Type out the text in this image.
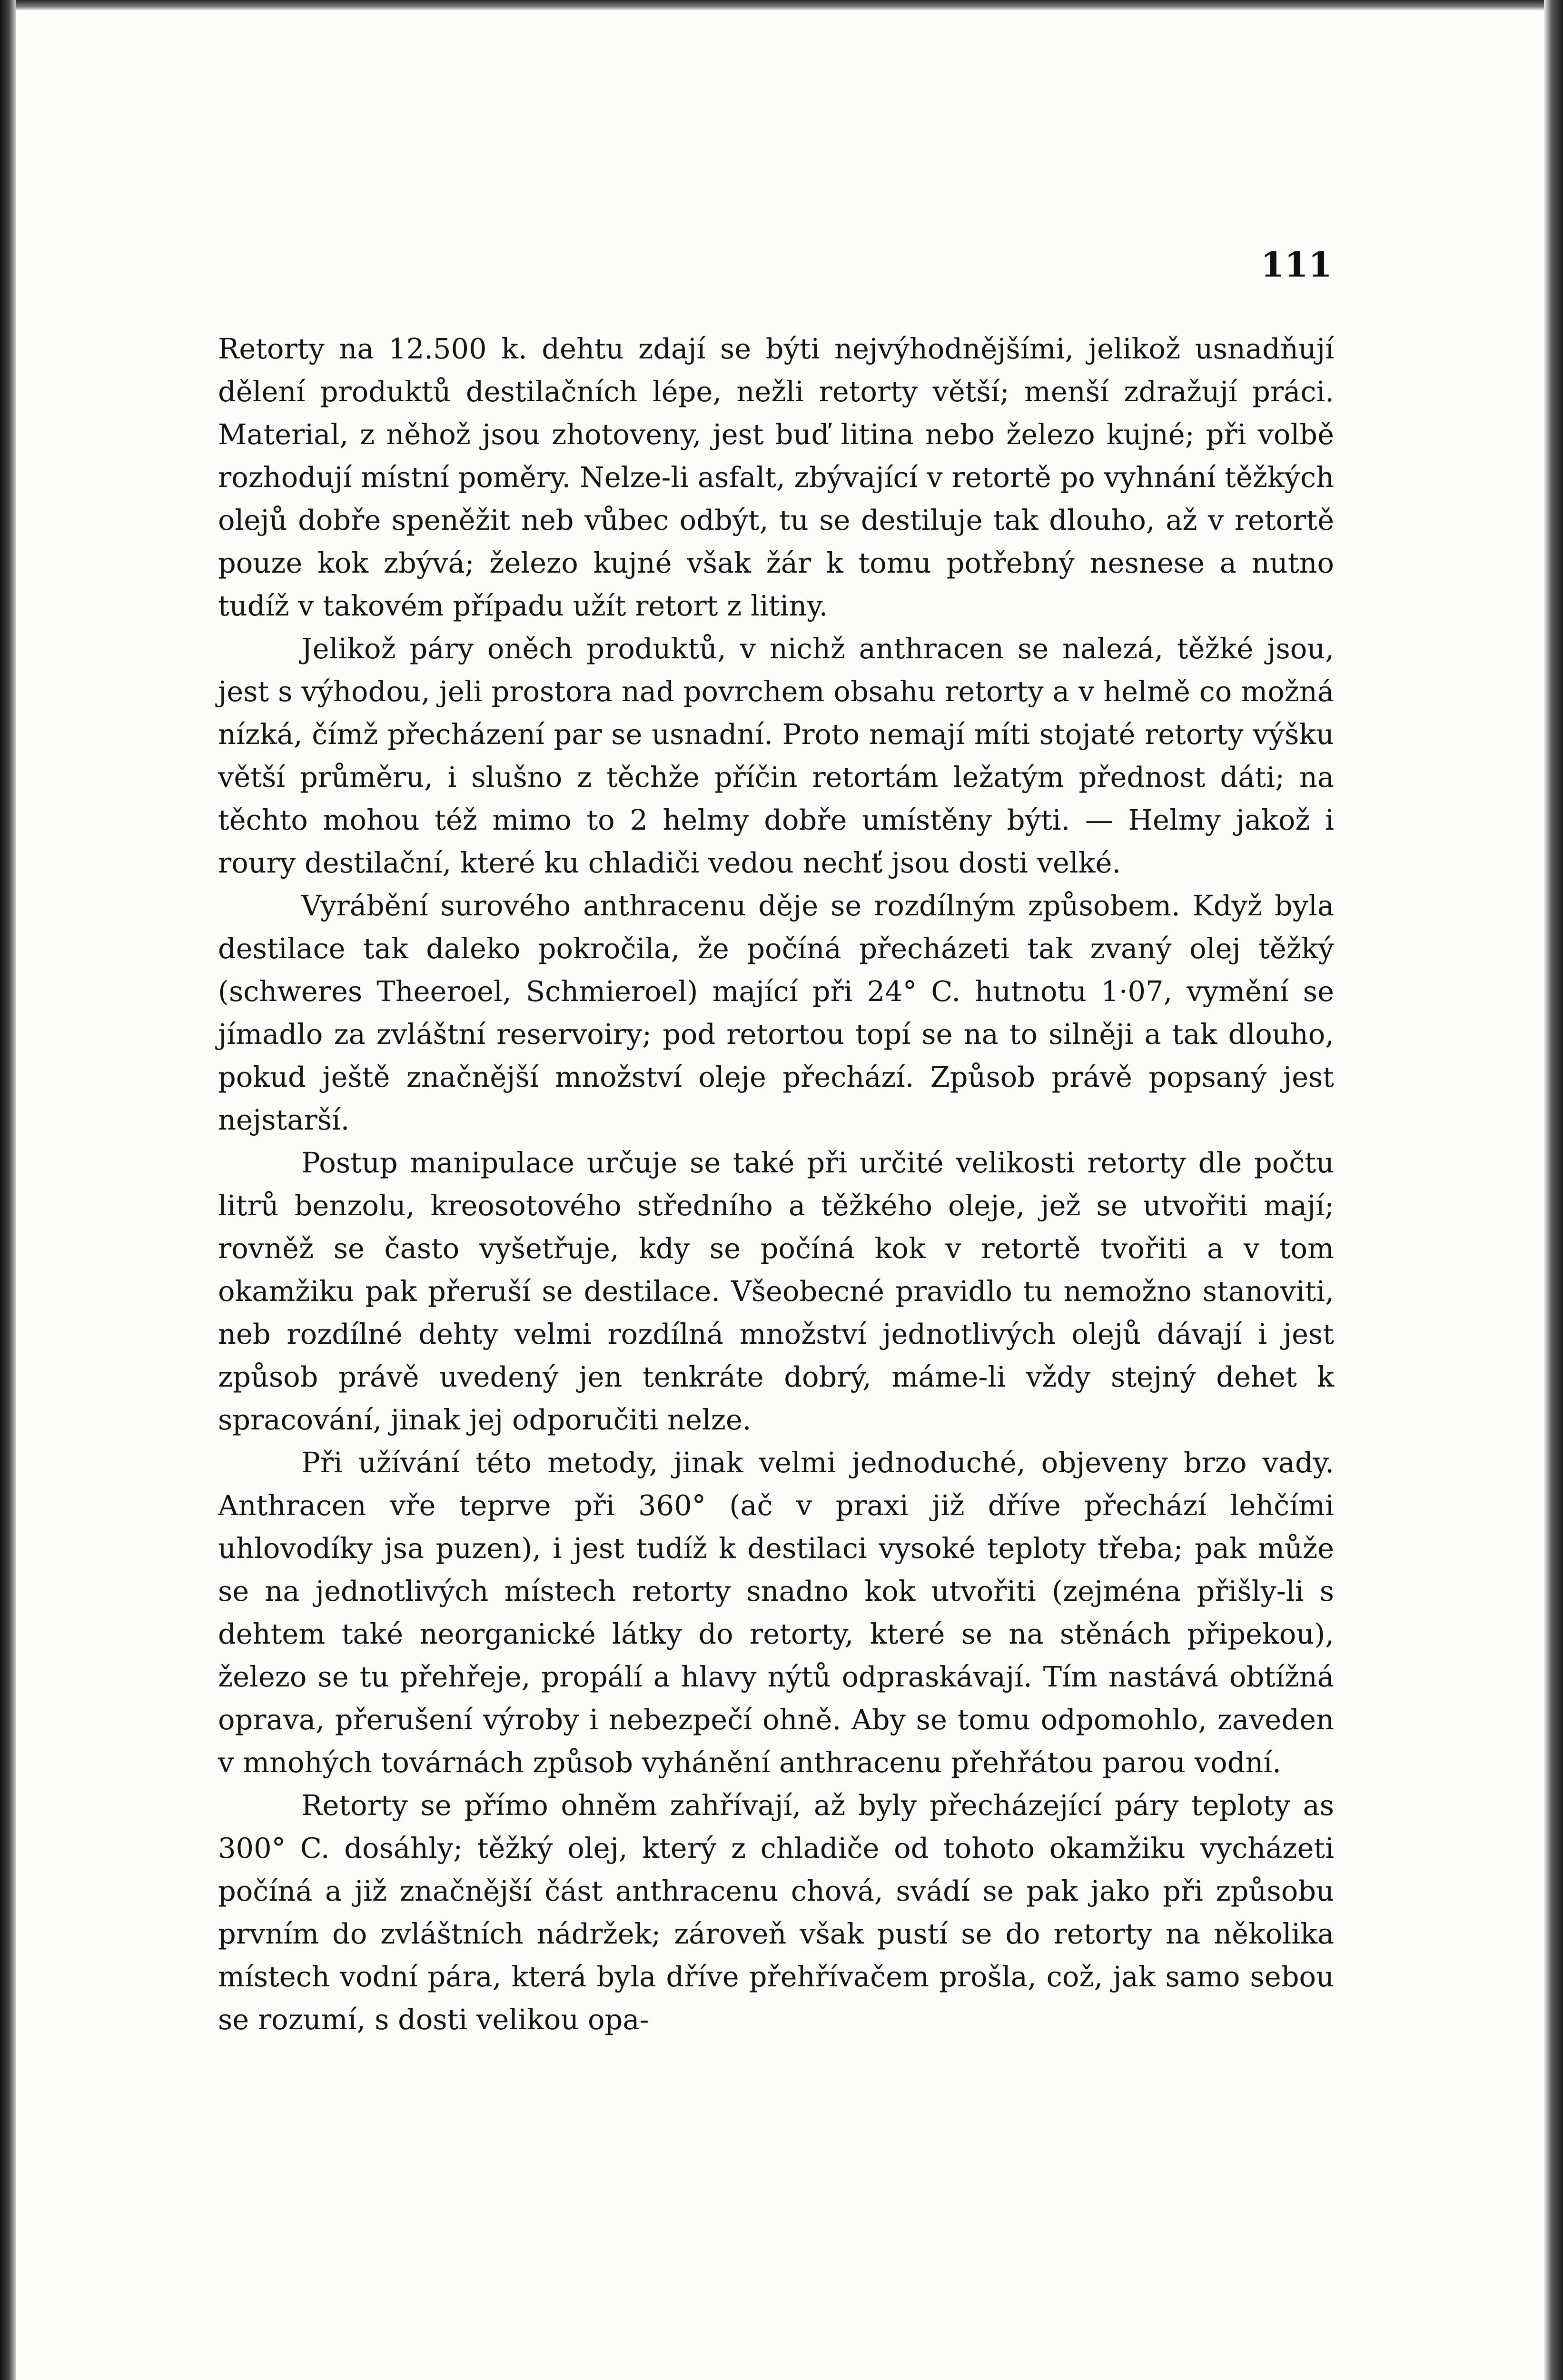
111

Retorty na 12.500 k. dehtu zdají se býti nejvýhodnějšími, jelikož usnadňují dělení produktů destilačních lépe, nežli retorty větší; menší zdražují práci. Material, z něhož jsou zhotoveny, jest buď litina nebo železo kujné; při volbě rozhodují místní poměry. Nelze-li asfalt, zbývající v retortě po vyhnání těžkých olejů dobře speněžit neb vůbec odbýt, tu se destiluje tak dlouho, až v retortě pouze kok zbývá; železo kujné však žár k tomu potřebný nesnese a nutno tudíž v takovém případu užít retort z litiny.

Jelikož páry oněch produktů, v nichž anthracen se nalezá, těžké jsou, jest s výhodou, jeli prostora nad povrchem obsahu retorty a v helmě co možná nízká, čímž přecházení par se usnadní. Proto nemají míti stojaté retorty výšku větší průměru, i slušno z těchže příčin retortám ležatým přednost dáti; na těchto mohou též mimo to 2 helmy dobře umístěny býti. — Helmy jakož i roury destilační, které ku chladiči vedou nechť jsou dosti velké.

Vyrábění surového anthracenu děje se rozdílným způsobem. Když byla destilace tak daleko pokročila, že počíná přecházeti tak zvaný olej těžký (schweres Theeroel, Schmieroel) mající při 24° C. hutnotu 1·07, vymění se jímadlo za zvláštní reservoiry; pod retortou topí se na to silněji a tak dlouho, pokud ještě značnější množství oleje přechází. Způsob právě popsaný jest nejstarší.

Postup manipulace určuje se také při určité velikosti retorty dle počtu litrů benzolu, kreosotového středního a těžkého oleje, jež se utvořiti mají; rovněž se často vyšetřuje, kdy se počíná kok v retortě tvořiti a v tom okamžiku pak přeruší se destilace. Všeobecné pravidlo tu nemožno stanoviti, neb rozdílné dehty velmi rozdílná množství jednotlivých olejů dávají i jest způsob právě uvedený jen tenkráte dobrý, máme-li vždy stejný dehet k spracování, jinak jej odporučiti nelze.

Při užívání této metody, jinak velmi jednoduché, objeveny brzo vady. Anthracen vře teprve při 360° (ač v praxi již dříve přechází lehčími uhlovodíky jsa puzen), i jest tudíž k destilaci vysoké teploty třeba; pak může se na jednotlivých místech retorty snadno kok utvořiti (zejména přišly-li s dehtem také neorganické látky do retorty, které se na stěnách připekou), železo se tu přehřeje, propálí a hlavy nýtů odpraskávají. Tím nastává obtížná oprava, přerušení výroby i nebezpečí ohně. Aby se tomu odpomohlo, zaveden v mnohých továrnách způsob vyhánění anthracenu přehřátou parou vodní.

Retorty se přímo ohněm zahřívají, až byly přecházející páry teploty as 300° C. dosáhly; těžký olej, který z chladiče od tohoto okamžiku vycházeti počíná a již značnější část anthracenu chová, svádí se pak jako při způsobu prvním do zvláštních nádržek; zároveň však pustí se do retorty na několika místech vodní pára, která byla dříve přehřívačem prošla, což, jak samo sebou se rozumí, s dosti velikou opa-
